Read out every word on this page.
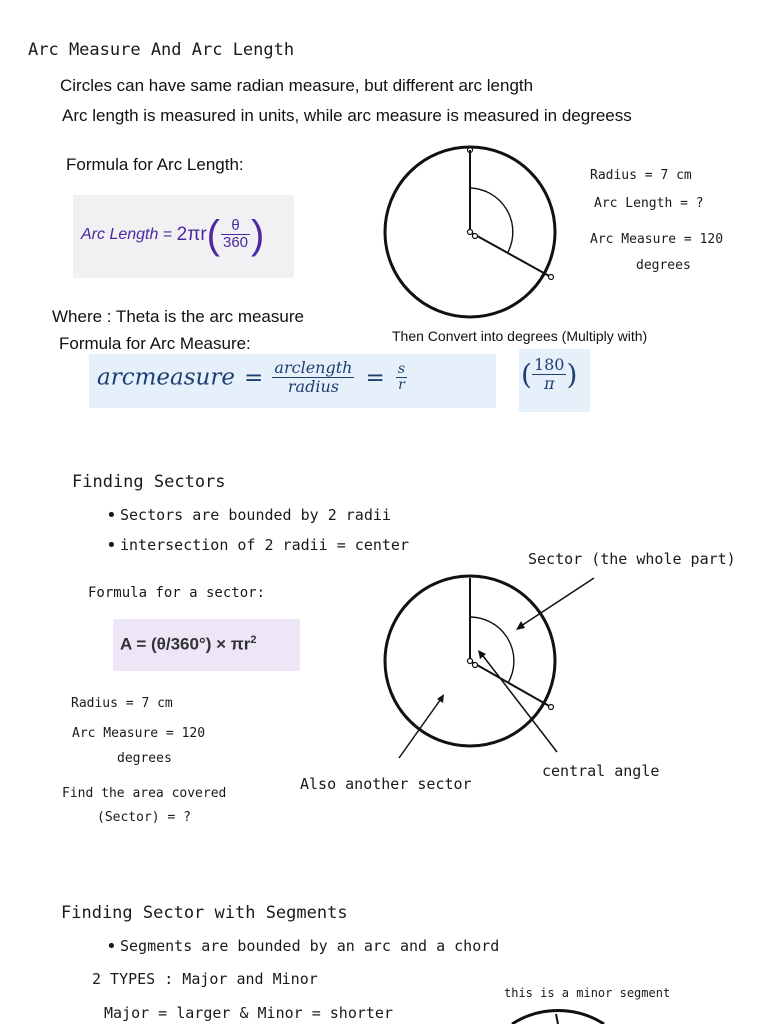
Arc Measure And Arc Length
Circles can have same radian measure, but different arc length
Arc length is measured in units, while arc measure is measured in degreess
Formula for Arc Length:
Arc Length = $2\pi r( \frac{\theta}{360}$ )
Radius = 7 cm
Arc Length = ?
Arc Measure = 120
degrees
Where : Theta is the arc measure
Formula for Arc Measure:	Then Convert into degrees (Multiply with)
arcmeasure = $\frac{\text{arclength}}{\text{radius}} = \frac{s}{r}$	( $\frac{180}{\pi}$ )
Finding Sectors
• Sectors are bounded by 2 radii
• intersection of 2 radii = center
Formula for a sector:
$A = (\theta/360^\circ) \times \pi r^2$
Radius = 7 cm
Arc Measure = 120
degrees
Find the area covered
(Sector) = ?
Sector (the whole part)
Also another sector
central angle
Finding Sector with Segments
• Segments are bounded by an arc and a chord
2 TYPES : Major and Minor
Major = larger & Minor = shorter
this is a minor segment
